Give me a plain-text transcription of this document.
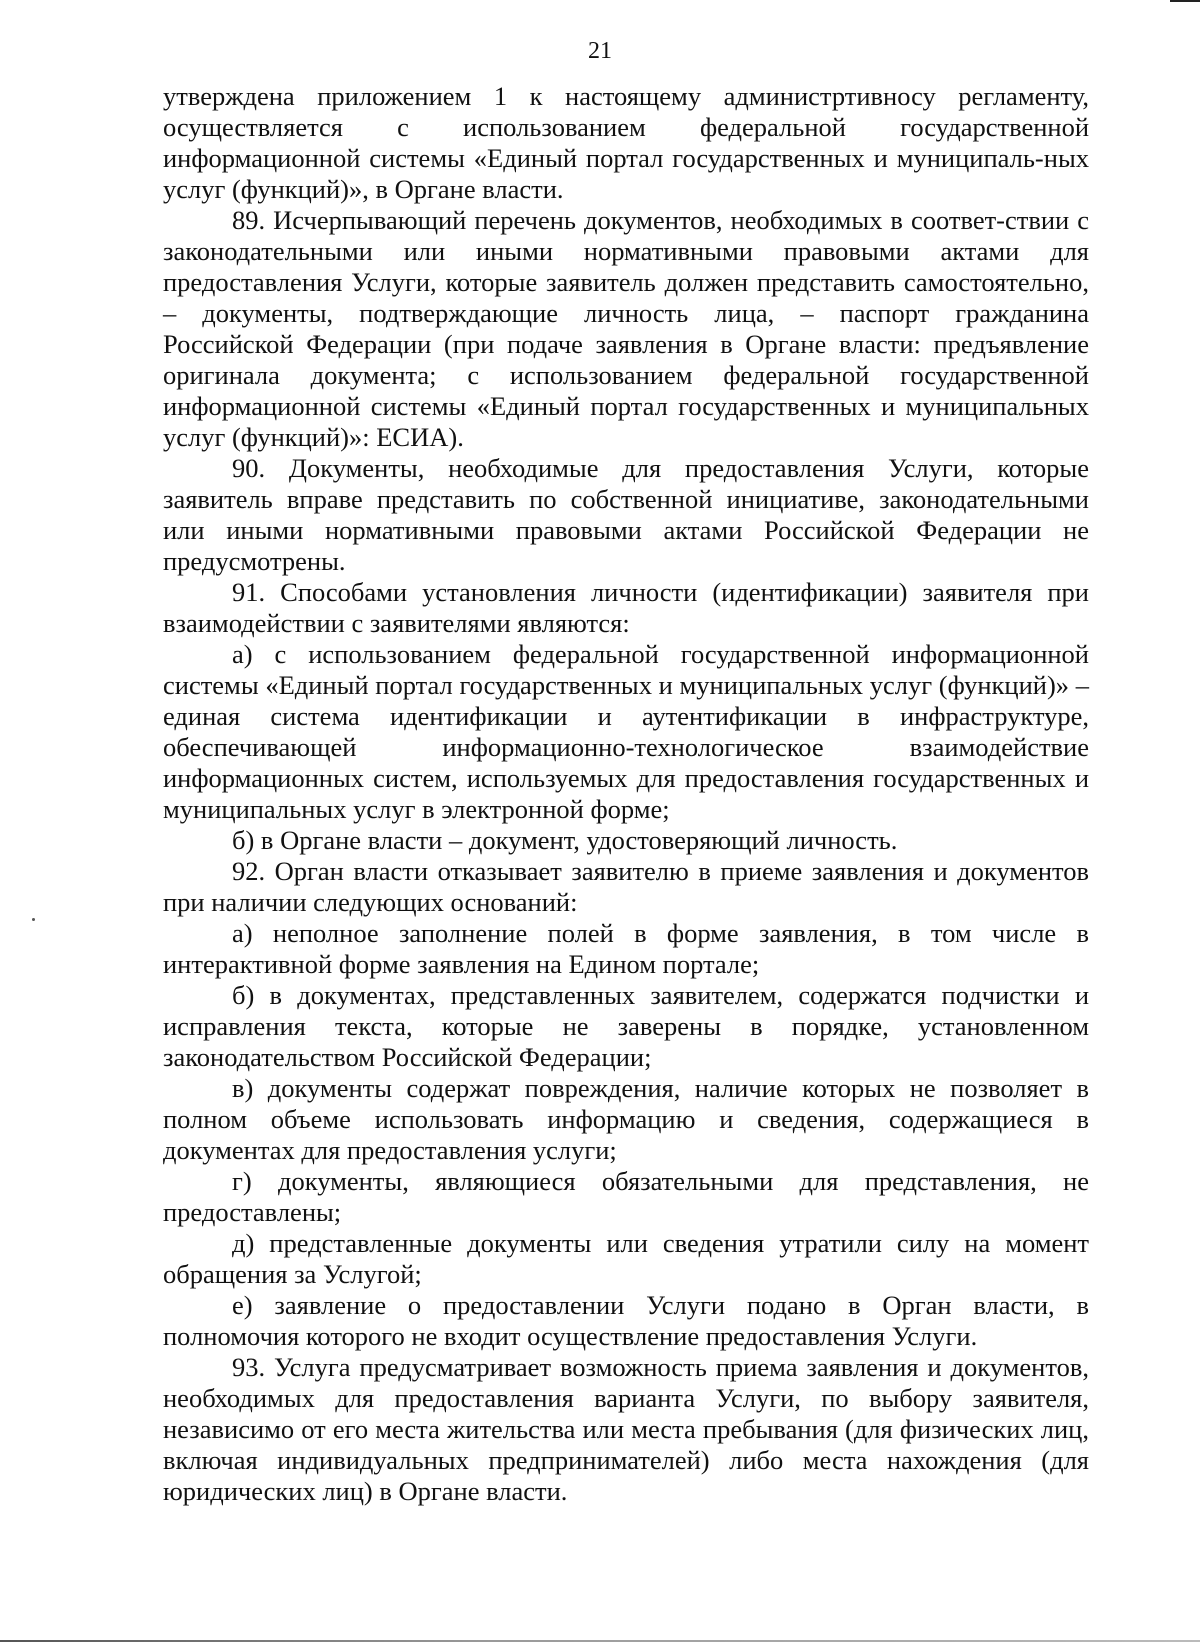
21

утверждена приложением 1 к настоящему администртивносу регламенту, осуществляется с использованием федеральной государственной информационной системы «Единый портал государственных и муниципаль-ных услуг (функций)», в Органе власти.

89. Исчерпывающий перечень документов, необходимых в соответ-ствии с законодательными или иными нормативными правовыми актами для предоставления Услуги, которые заявитель должен представить самостоятельно, – документы, подтверждающие личность лица, – паспорт гражданина Российской Федерации (при подаче заявления в Органе власти: предъявление оригинала документа; с использованием федеральной государственной информационной системы «Единый портал государственных и муниципальных услуг (функций)»: ЕСИА).

90. Документы, необходимые для предоставления Услуги, которые заявитель вправе представить по собственной инициативе, законодательными или иными нормативными правовыми актами Российской Федерации не предусмотрены.

91. Способами установления личности (идентификации) заявителя при взаимодействии с заявителями являются:

а) с использованием федеральной государственной информационной системы «Единый портал государственных и муниципальных услуг (функций)» – единая система идентификации и аутентификации в инфраструктуре, обеспечивающей информационно-технологическое взаимодействие информационных систем, используемых для предоставления государственных и муниципальных услуг в электронной форме;

б) в Органе власти – документ, удостоверяющий личность.

92. Орган власти отказывает заявителю в приеме заявления и документов при наличии следующих оснований:

а) неполное заполнение полей в форме заявления, в том числе в интерактивной форме заявления на Едином портале;

б) в документах, представленных заявителем, содержатся подчистки и исправления текста, которые не заверены в порядке, установленном законодательством Российской Федерации;

в) документы содержат повреждения, наличие которых не позволяет в полном объеме использовать информацию и сведения, содержащиеся в документах для предоставления услуги;

г) документы, являющиеся обязательными для представления, не предоставлены;

д) представленные документы или сведения утратили силу на момент обращения за Услугой;

е) заявление о предоставлении Услуги подано в Орган власти, в полномочия которого не входит осуществление предоставления Услуги.

93. Услуга предусматривает возможность приема заявления и документов, необходимых для предоставления варианта Услуги, по выбору заявителя, независимо от его места жительства или места пребывания (для физических лиц, включая индивидуальных предпринимателей) либо места нахождения (для юридических лиц) в Органе власти.
